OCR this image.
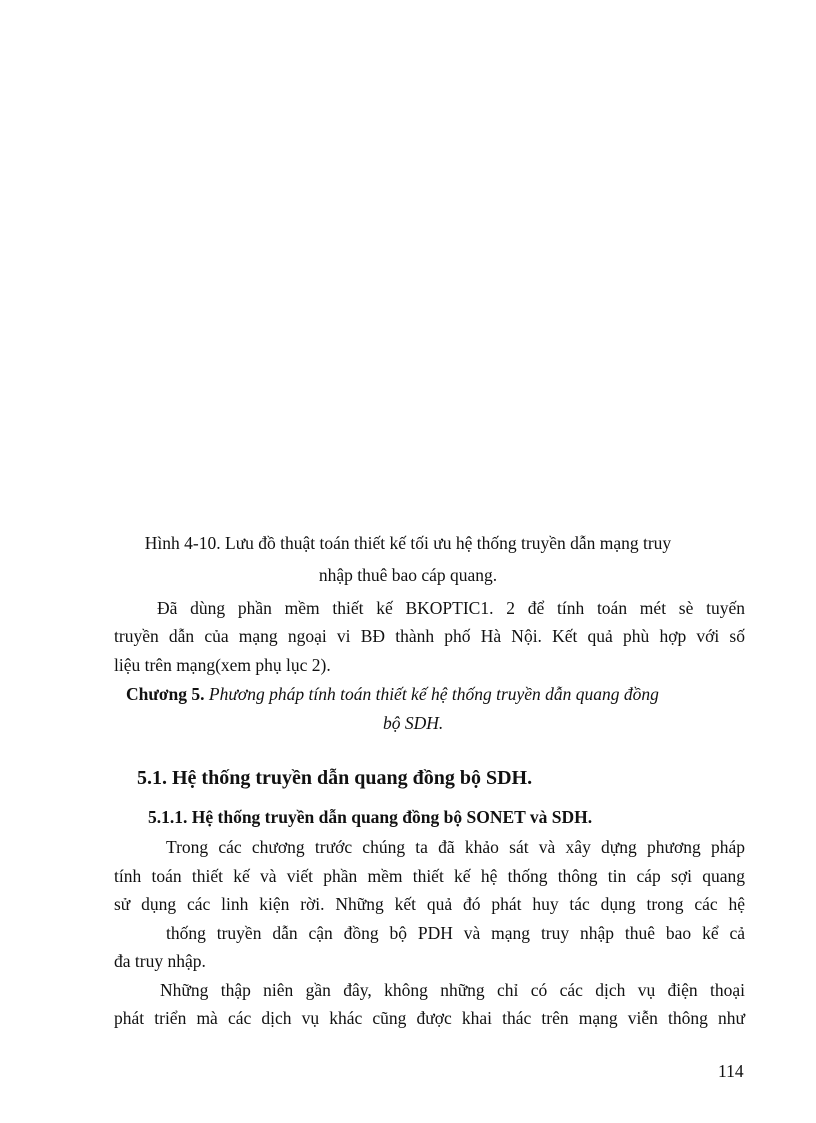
Hình 4-10. Lưu đồ thuật toán thiết kế tối ưu hệ thống truyền dẫn mạng truy
nhập thuê bao cáp quang.
Đã dùng phần mềm thiết kế BKOPTIC1. 2 để tính toán mét sè tuyến
truyền dẫn của mạng ngoại vi BĐ thành phố Hà Nội. Kết quả phù hợp với số
liệu trên mạng(xem phụ lục 2).
Chương 5. Phương pháp tính toán thiết kế hệ thống truyền dẫn quang đồng
bộ SDH.
5.1. Hệ thống truyền dẫn quang đồng bộ SDH.
5.1.1. Hệ thống truyền dẫn quang đồng bộ SONET và SDH.
Trong các chương trước chúng ta đã khảo sát và xây dựng phương pháp
tính toán thiết kế và viết phần mềm thiết kế hệ thống thông tin cáp sợi quang
sử dụng các linh kiện rời. Những kết quả đó phát huy tác dụng trong các hệ
thống truyền dẫn cận đồng bộ PDH và mạng truy nhập thuê bao kể cả
đa truy nhập.
Những thập niên gần đây, không những chỉ có các dịch vụ điện thoại
phát triển mà các dịch vụ khác cũng được khai thác trên mạng viễn thông như
114
